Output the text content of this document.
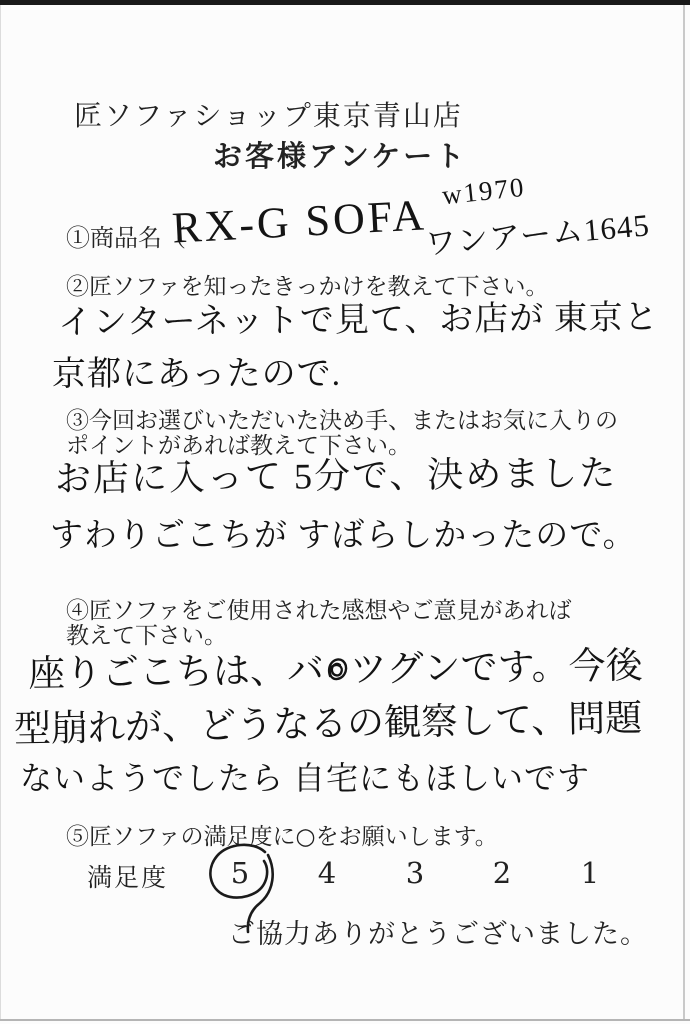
匠ソファショップ東京青山店
お客様アンケート
①商品名（
RX-G SOFA w1970
ワンアーム1645
②匠ソファを知ったきっかけを教えて下さい。
インターネットで見て、お店が 東京と
京都にあったので.
③今回お選びいただいた決め手、またはお気に入りの
ポイントがあれば教えて下さい。
お店に入って 5分で、決めました
すわりごこちが すばらしかったので。
④匠ソファをご使用された感想やご意見があれば
教えて下さい。
座りごこちは、バ ツグンです。今後
型崩れが、どうなるの観察して、問題
ないようでしたら 自宅にもほしいです
⑤匠ソファの満足度に○をお願いします。
満足度 5 4 3 2 1
ご協力ありがとうございました。
